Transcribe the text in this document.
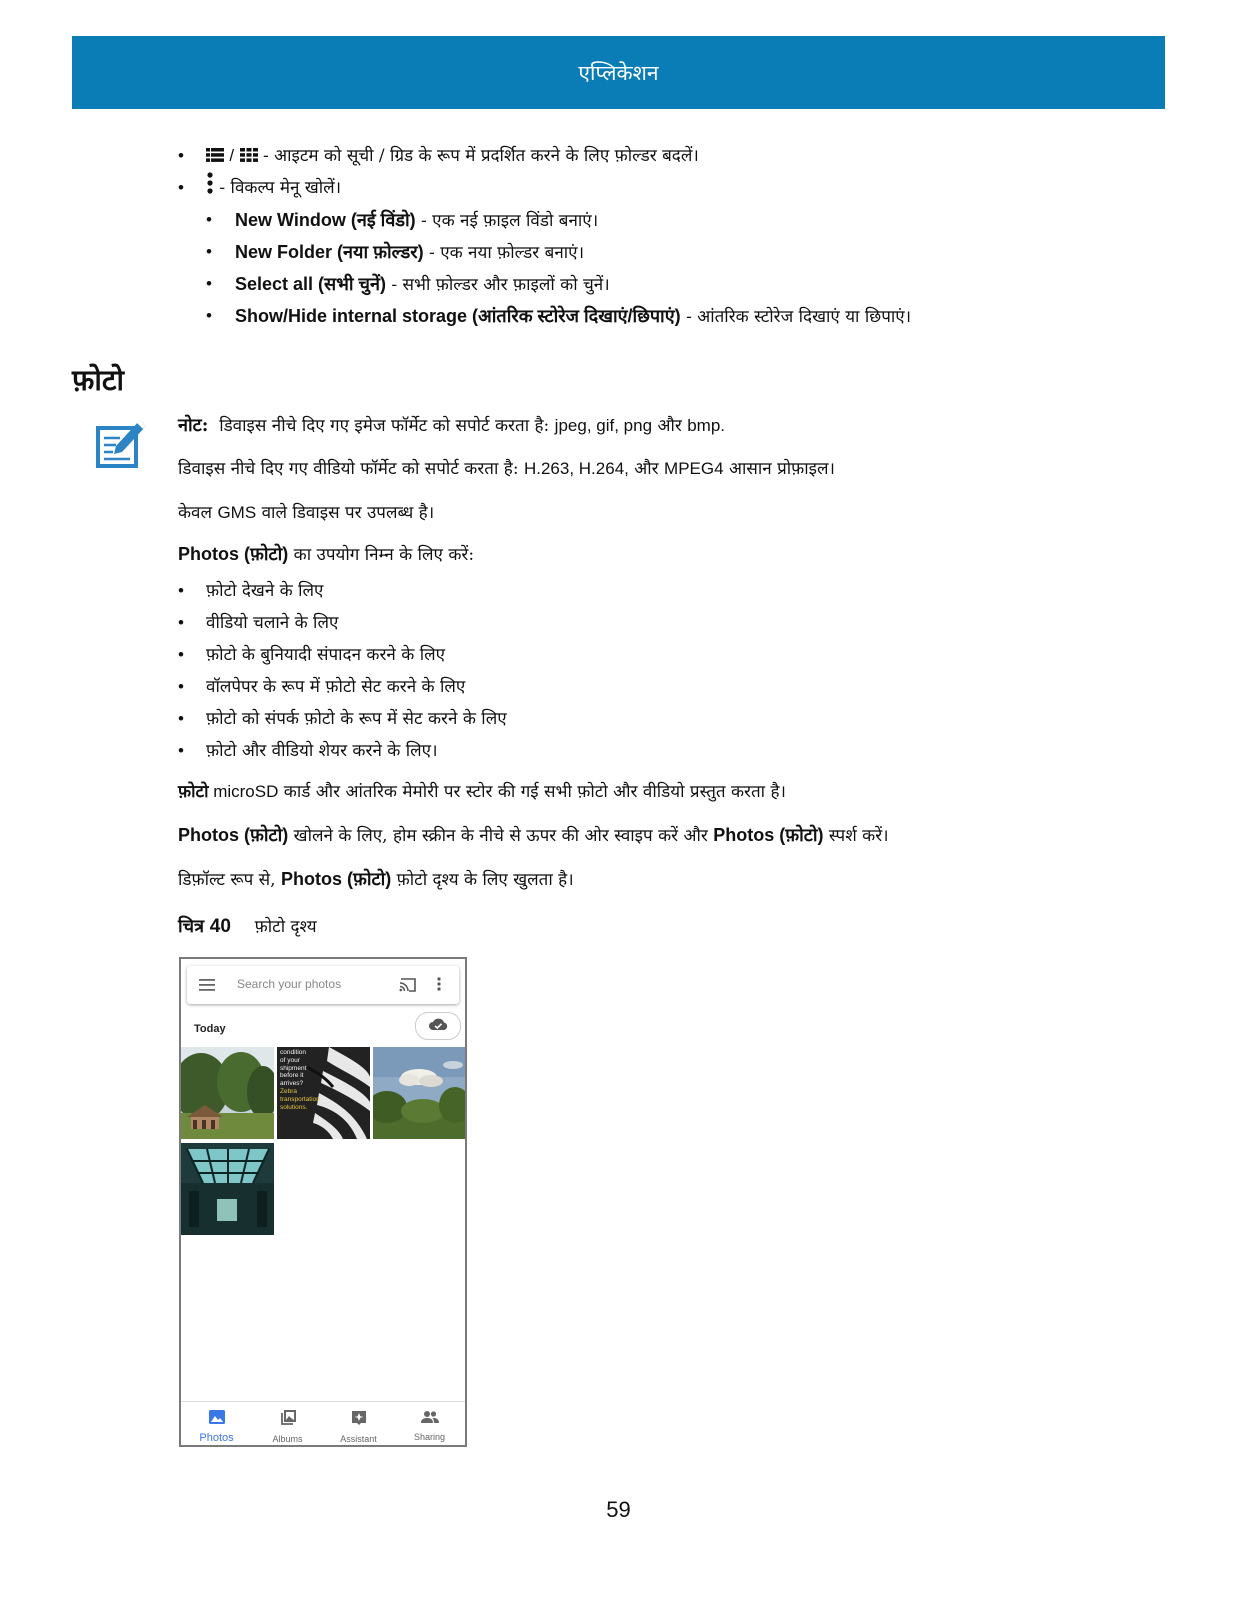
एप्लिकेशन
• / - आइटम को सूची / ग्रिड के रूप में प्रदर्शित करने के लिए फ़ोल्डर बदलें।
• - विकल्प मेनू खोलें।
• New Window (नई विंडो) - एक नई फ़ाइल विंडो बनाएं।
• New Folder (नया फ़ोल्डर) - एक नया फ़ोल्डर बनाएं।
• Select all (सभी चुनें) - सभी फ़ोल्डर और फ़ाइलों को चुनें।
• Show/Hide internal storage (आंतरिक स्टोरेज दिखाएं/छिपाएं) - आंतरिक स्टोरेज दिखाएं या छिपाएं।
फ़ोटो

नोट: डिवाइस नीचे दिए गए इमेज फॉर्मेट को सपोर्ट करता है: jpeg, gif, png और bmp.

डिवाइस नीचे दिए गए वीडियो फॉर्मेट को सपोर्ट करता है: H.263, H.264, और MPEG4 आसान प्रोफ़ाइल।

केवल GMS वाले डिवाइस पर उपलब्ध है।

Photos (फ़ोटो) का उपयोग निम्न के लिए करें:

• फ़ोटो देखने के लिए
• वीडियो चलाने के लिए
• फ़ोटो के बुनियादी संपादन करने के लिए
• वॉलपेपर के रूप में फ़ोटो सेट करने के लिए
• फ़ोटो को संपर्क फ़ोटो के रूप में सेट करने के लिए
• फ़ोटो और वीडियो शेयर करने के लिए।

फ़ोटो microSD कार्ड और आंतरिक मेमोरी पर स्टोर की गई सभी फ़ोटो और वीडियो प्रस्तुत करता है।

Photos (फ़ोटो) खोलने के लिए, होम स्क्रीन के नीचे से ऊपर की ओर स्वाइप करें और Photos (फ़ोटो) स्पर्श करें।

डिफ़ॉल्ट रूप से, Photos (फ़ोटो) फ़ोटो दृश्य के लिए खुलता है।

चित्र 40 फ़ोटो दृश्य
Search your photos
Today
condition
of your
shipment
before it
arrives?
Zebra
transportation
solutions.
Photos	Albums	Assistant	Sharing
59
